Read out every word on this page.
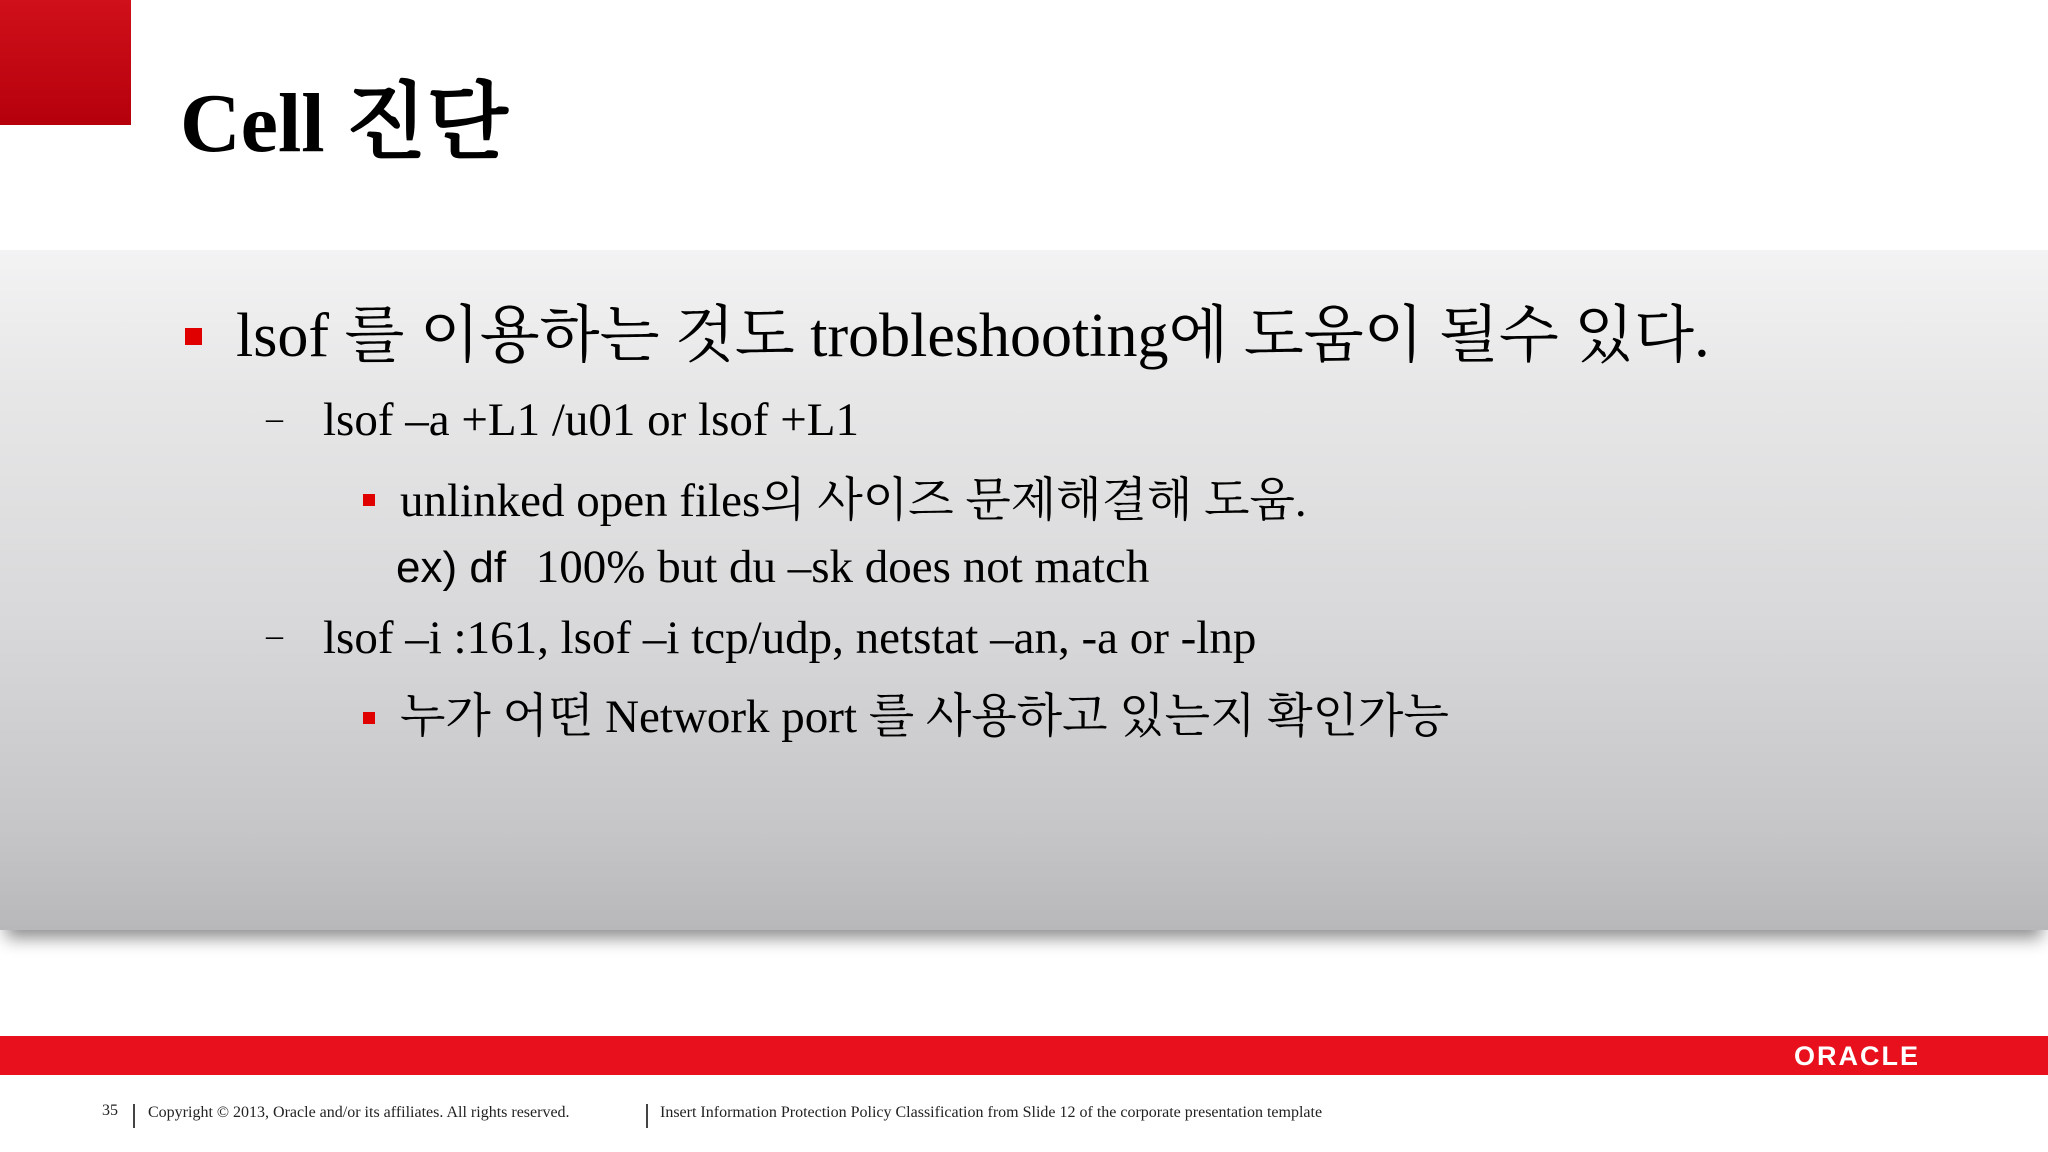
Cell 진단
lsof 를 이용하는 것도 trobleshooting에 도움이 될수 있다.
– lsof –a +L1 /u01 or lsof +L1
unlinked open files의 사이즈 문제해결해 도움.
ex) df 100% but du –sk does not match
– lsof –i :161, lsof –i tcp/udp, netstat –an, -a or -lnp
누가 어떤 Network port 를 사용하고 있는지 확인가능
ORACLE
35 Copyright © 2013, Oracle and/or its affiliates. All rights reserved.	Insert Information Protection Policy Classification from Slide 12 of the corporate presentation template
